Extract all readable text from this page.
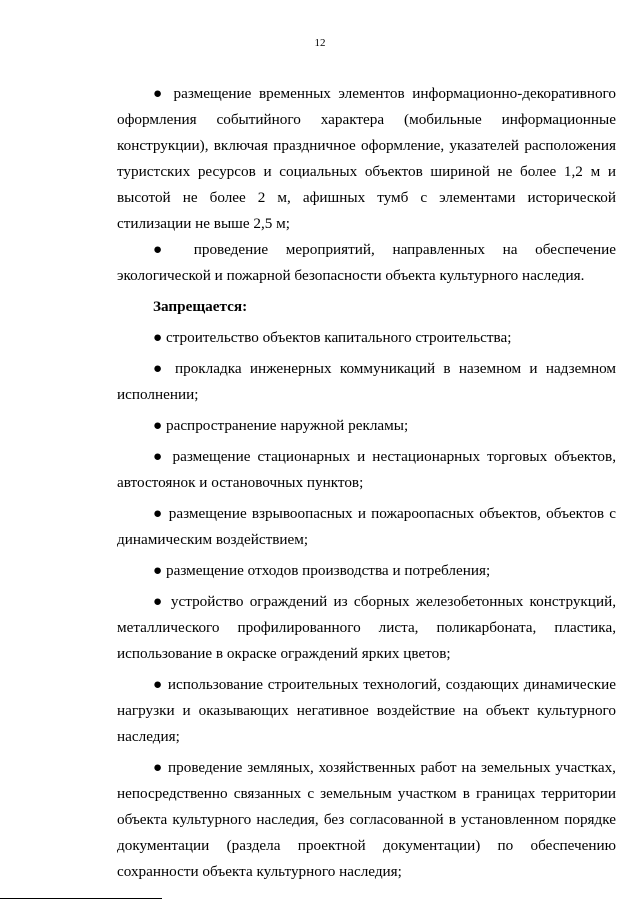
12

● размещение временных элементов информационно-декоративного оформления событийного характера (мобильные информационные конструкции), включая праздничное оформление, указателей расположения туристских ресурсов и социальных объектов шириной не более 1,2 м и высотой не более 2 м, афишных тумб с элементами исторической стилизации не выше 2,5 м;

● проведение мероприятий, направленных на обеспечение экологической и пожарной безопасности объекта культурного наследия.

Запрещается:

● строительство объектов капитального строительства;

● прокладка инженерных коммуникаций в наземном и надземном исполнении;

● распространение наружной рекламы;

● размещение стационарных и нестационарных торговых объектов, автостоянок и остановочных пунктов;

● размещение взрывоопасных и пожароопасных объектов, объектов с динамическим воздействием;

● размещение отходов производства и потребления;

● устройство ограждений из сборных железобетонных конструкций, металлического профилированного листа, поликарбоната, пластика, использование в окраске ограждений ярких цветов;

● использование строительных технологий, создающих динамические нагрузки и оказывающих негативное воздействие на объект культурного наследия;

● проведение земляных, хозяйственных работ на земельных участках, непосредственно связанных с земельным участком в границах территории объекта культурного наследия, без согласованной в установленном порядке документации (раздела проектной документации) по обеспечению сохранности объекта культурного наследия;
